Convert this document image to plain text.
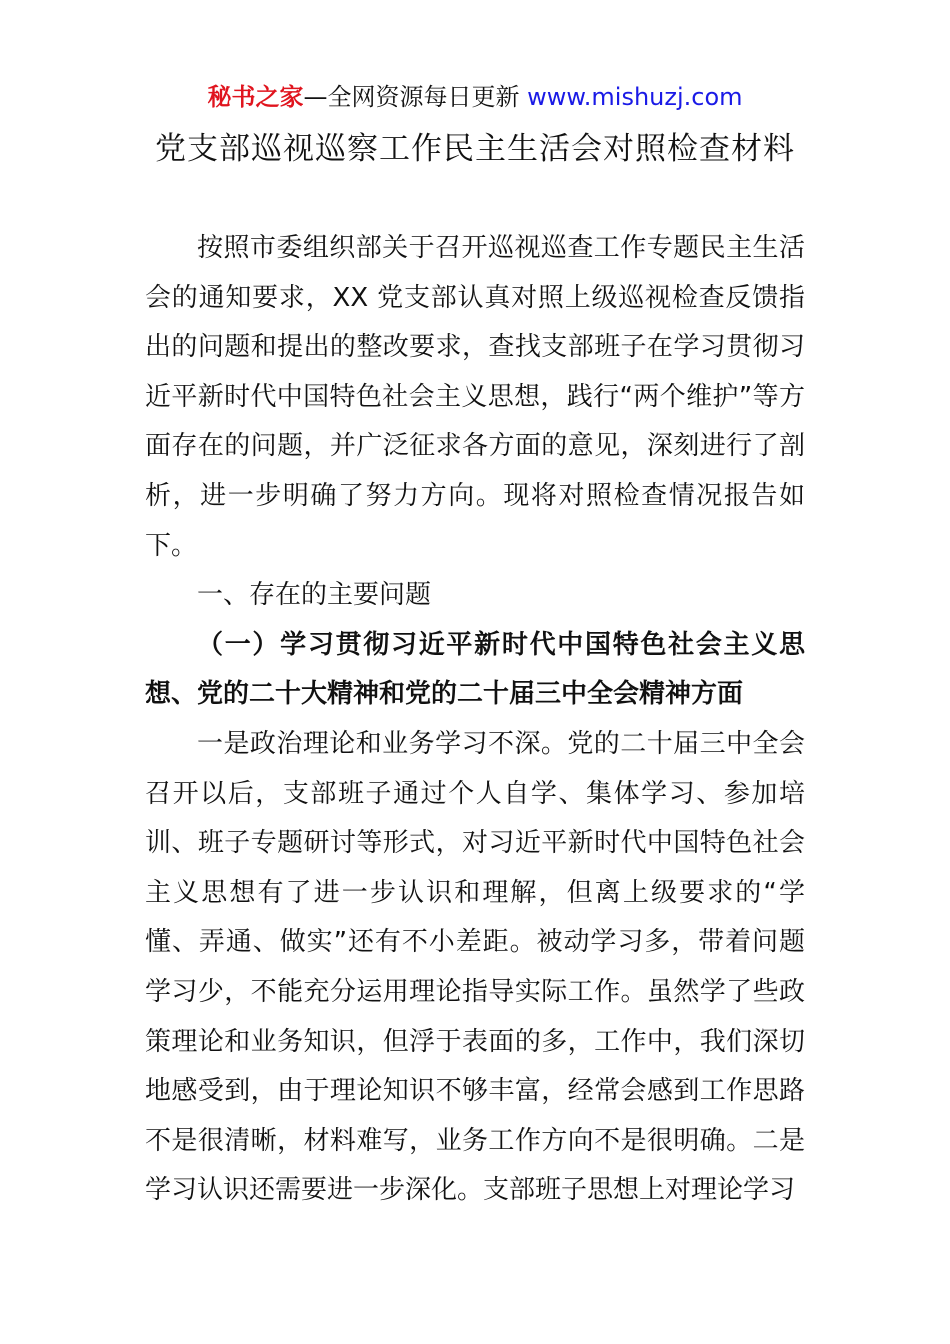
秘书之家—全网资源每日更新 www.mishuzj.com
党支部巡视巡察工作民主生活会对照检查材料

按照市委组织部关于召开巡视巡查工作专题民主生活会的通知要求，XX 党支部认真对照上级巡视检查反馈指出的问题和提出的整改要求，查找支部班子在学习贯彻习近平新时代中国特色社会主义思想，践行“两个维护”等方面存在的问题，并广泛征求各方面的意见，深刻进行了剖析，进一步明确了努力方向。现将对照检查情况报告如下。

一、存在的主要问题

（一）学习贯彻习近平新时代中国特色社会主义思想、党的二十大精神和党的二十届三中全会精神方面

一是政治理论和业务学习不深。党的二十届三中全会召开以后，支部班子通过个人自学、集体学习、参加培训、班子专题研讨等形式，对习近平新时代中国特色社会主义思想有了进一步认识和理解，但离上级要求的“学懂、弄通、做实”还有不小差距。被动学习多，带着问题学习少，不能充分运用理论指导实际工作。虽然学了些政策理论和业务知识，但浮于表面的多，工作中，我们深切地感受到，由于理论知识不够丰富，经常会感到工作思路不是很清晰，材料难写，业务工作方向不是很明确。二是学习认识还需要进一步深化。支部班子思想上对理论学习
